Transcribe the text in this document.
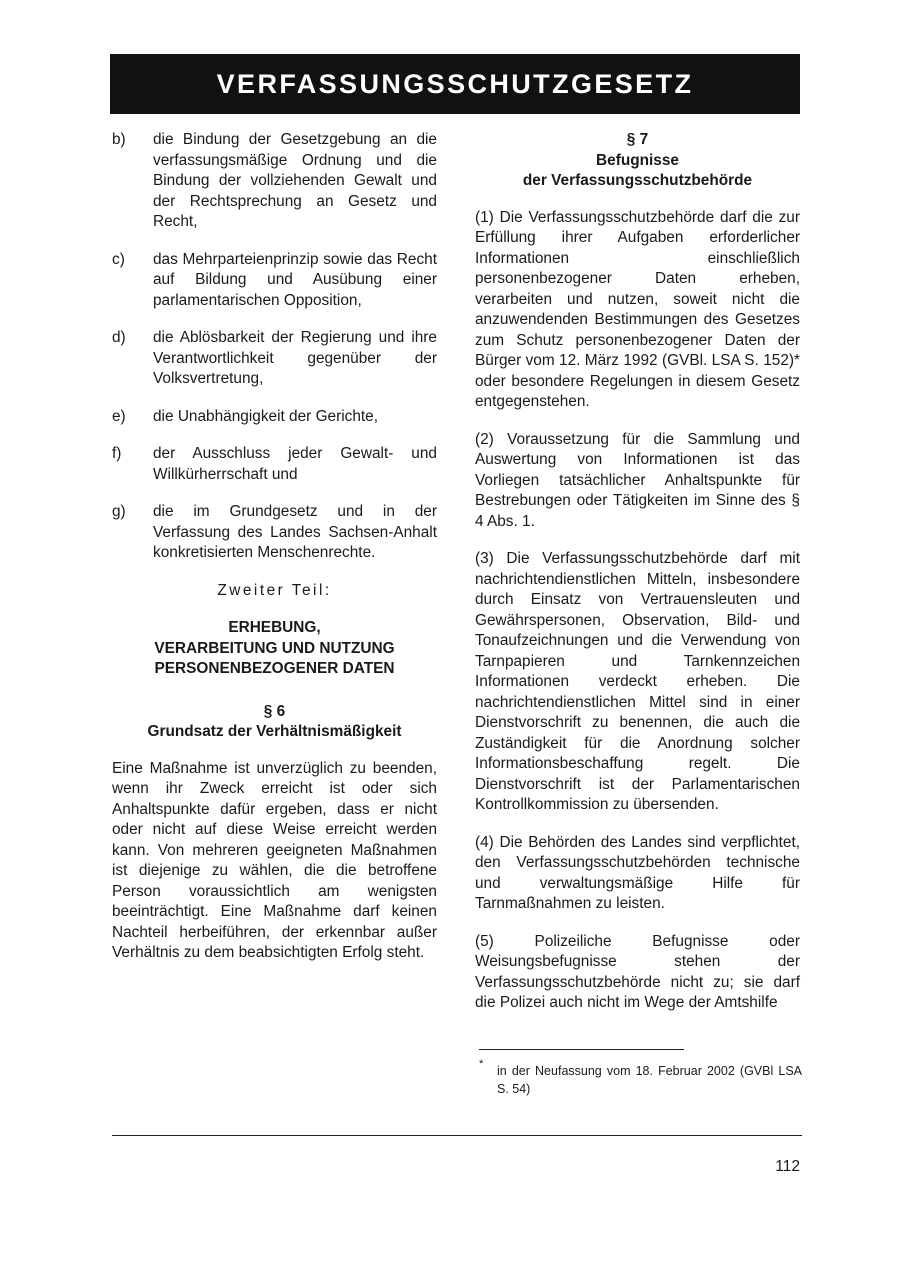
VERFASSUNGSSCHUTZGESETZ
b)	die Bindung der Gesetzgebung an die verfassungsmäßige Ordnung und die Bindung der vollziehenden Gewalt und der Rechtsprechung an Gesetz und Recht,
c)	das Mehrparteienprinzip sowie das Recht auf Bildung und Ausübung einer parlamentarischen Opposition,
d)	die Ablösbarkeit der Regierung und ihre Verantwortlichkeit gegenüber der Volksvertretung,
e)	die Unabhängigkeit der Gerichte,
f)	der Ausschluss jeder Gewalt- und Willkürherrschaft und
g)	die im Grundgesetz und in der Verfassung des Landes Sachsen-Anhalt konkretisierten Menschenrechte.
Zweiter Teil:
ERHEBUNG,
VERARBEITUNG UND NUTZUNG
PERSONENBEZOGENER DATEN
§ 6
Grundsatz der Verhältnismäßigkeit

Eine Maßnahme ist unverzüglich zu beenden, wenn ihr Zweck erreicht ist oder sich Anhaltspunkte dafür ergeben, dass er nicht oder nicht auf diese Weise erreicht werden kann. Von mehreren geeigneten Maßnahmen ist diejenige zu wählen, die die betroffene Person voraussichtlich am wenigsten beeinträchtigt. Eine Maßnahme darf keinen Nachteil herbeiführen, der erkennbar außer Verhältnis zu dem beabsichtigten Erfolg steht.

§ 7
Befugnisse
der Verfassungsschutzbehörde

(1) Die Verfassungsschutzbehörde darf die zur Erfüllung ihrer Aufgaben erforderlicher Informationen einschließlich personenbezogener Daten erheben, verarbeiten und nutzen, soweit nicht die anzuwendenden Bestimmungen des Gesetzes zum Schutz personenbezogener Daten der Bürger vom 12. März 1992 (GVBl. LSA S. 152)* oder besondere Regelungen in diesem Gesetz entgegenstehen.

(2) Voraussetzung für die Sammlung und Auswertung von Informationen ist das Vorliegen tatsächlicher Anhaltspunkte für Bestrebungen oder Tätigkeiten im Sinne des § 4 Abs. 1.

(3) Die Verfassungsschutzbehörde darf mit nachrichtendienstlichen Mitteln, insbesondere durch Einsatz von Vertrauensleuten und Gewährspersonen, Observation, Bild- und Tonaufzeichnungen und die Verwendung von Tarnpapieren und Tarnkennzeichen Informationen verdeckt erheben. Die nachrichtendienstlichen Mittel sind in einer Dienstvorschrift zu benennen, die auch die Zuständigkeit für die Anordnung solcher Informationsbeschaffung regelt. Die Dienstvorschrift ist der Parlamentarischen Kontrollkommission zu übersenden.

(4) Die Behörden des Landes sind verpflichtet, den Verfassungsschutzbehörden technische und verwaltungsmäßige Hilfe für Tarnmaßnahmen zu leisten.

(5) Polizeiliche Befugnisse oder Weisungsbefugnisse stehen der Verfassungsschutzbehörde nicht zu; sie darf die Polizei auch nicht im Wege der Amtshilfe

* in der Neufassung vom 18. Februar 2002 (GVBl LSA S. 54)
112
